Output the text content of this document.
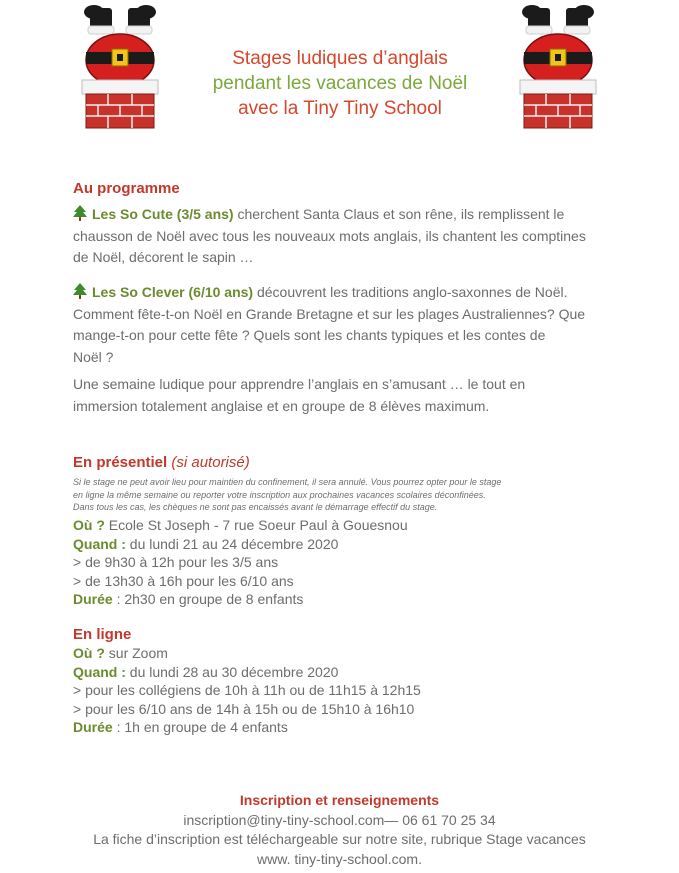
Stages ludiques d’anglais
pendant les vacances de Noël
avec la Tiny Tiny School
Au programme
Les So Cute (3/5 ans) cherchent Santa Claus et son rêne, ils remplissent le
chausson de Noël avec tous les nouveaux mots anglais, ils chantent les comptines
de Noël, décorent le sapin …
Les So Clever (6/10 ans) découvrent les traditions anglo-saxonnes de Noël.
Comment fête-t-on Noël en Grande Bretagne et sur les plages Australiennes? Que
mange-t-on pour cette fête ? Quels sont les chants typiques et les contes de
Noël ?
Une semaine ludique pour apprendre l’anglais en s’amusant … le tout en
immersion totalement anglaise et en groupe de 8 élèves maximum.
En présentiel (si autorisé)
Si le stage ne peut avoir lieu pour maintien du confinement, il sera annulé. Vous pourrez opter pour le stage
en ligne la même semaine ou reporter votre inscription aux prochaines vacances scolaires déconfinées.
Dans tous les cas, les chèques ne sont pas encaissés avant le démarrage effectif du stage.
Où ? Ecole St Joseph - 7 rue Soeur Paul à Gouesnou
Quand : du lundi 21 au 24 décembre 2020
> de 9h30 à 12h pour les 3/5 ans
> de 13h30 à 16h pour les 6/10 ans
Durée : 2h30 en groupe de 8 enfants
En ligne
Où ? sur Zoom
Quand : du lundi 28 au 30 décembre 2020
> pour les collégiens de 10h à 11h ou de 11h15 à 12h15
> pour les 6/10 ans de 14h à 15h ou de 15h10 à 16h10
Durée : 1h en groupe de 4 enfants
Inscription et renseignements
inscription@tiny-tiny-school.com— 06 61 70 25 34
La fiche d’inscription est téléchargeable sur notre site, rubrique Stage vacances
www. tiny-tiny-school.com.
